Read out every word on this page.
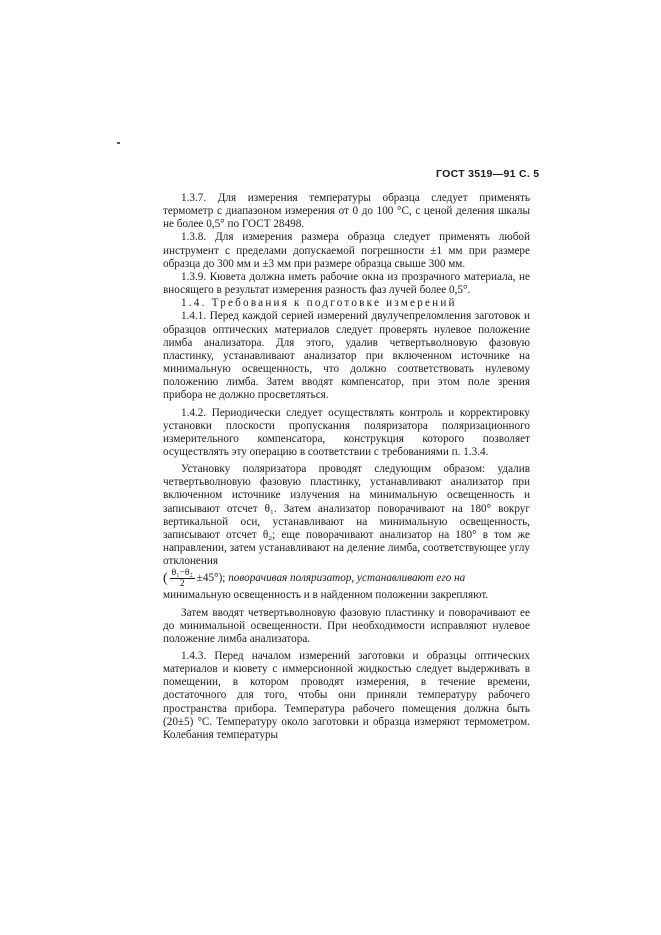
ГОСТ 3519—91 С. 5

1.3.7. Для измерения температуры образца следует применять термометр с диапазоном измерения от 0 до 100 °С, с ценой деления шкалы не более 0,5° по ГОСТ 28498.

1.3.8. Для измерения размера образца следует применять любой инструмент с пределами допускаемой погрешности ±1 мм при размере образца до 300 мм и ±3 мм при размере образца свыше 300 мм.

1.3.9. Кювета должна иметь рабочие окна из прозрачного материала, не вносящего в результат измерения разность фаз лучей более 0,5°.

1.4. Требования к подготовке измерений

1.4.1. Перед каждой серией измерений двулучепреломления заготовок и образцов оптических материалов следует проверять нулевое положение лимба анализатора. Для этого, удалив четвертьволновую фазовую пластинку, устанавливают анализатор при включенном источнике на минимальную освещенность, что должно соответствовать нулевому положению лимба. Затем вводят компенсатор, при этом поле зрения прибора не должно просветляться.

1.4.2. Периодически следует осуществлять контроль и корректировку установки плоскости пропускания поляризатора поляризационного измерительного компенсатора, конструкция которого позволяет осуществлять эту операцию в соответствии с требованиями п. 1.3.4.

Установку поляризатора проводят следующим образом: удалив четвертьволновую фазовую пластинку, устанавливают анализатор при включенном источнике излучения на минимальную освещенность и записывают отсчет θ₁. Затем анализатор поворачивают на 180° вокруг вертикальной оси, устанавливают на минимальную освещенность, записывают отсчет θ₂; еще поворачивают анализатор на 180° в том же направлении, затем устанавливают на деление лимба, соответствующее углу отклонения

( $\frac{\text{θ₁−θ₂}}{2} \pm 45^\circ$); поворачивая поляризатор, устанавливают его на

минимальную освещенность и в найденном положении закрепляют.

Затем вводят четвертьволновую фазовую пластинку и поворачивают ее до минимальной освещенности. При необходимости исправляют нулевое положение лимба анализатора.

1.4.3. Перед началом измерений заготовки и образцы оптических материалов и кювету с иммерсионной жидкостью следует выдерживать в помещении, в котором проводят измерения, в течение времени, достаточного для того, чтобы они приняли температуру рабочего пространства прибора. Температура рабочего помещения должна быть (20±5) °С. Температуру около заготовки и образца измеряют термометром. Колебания температуры
